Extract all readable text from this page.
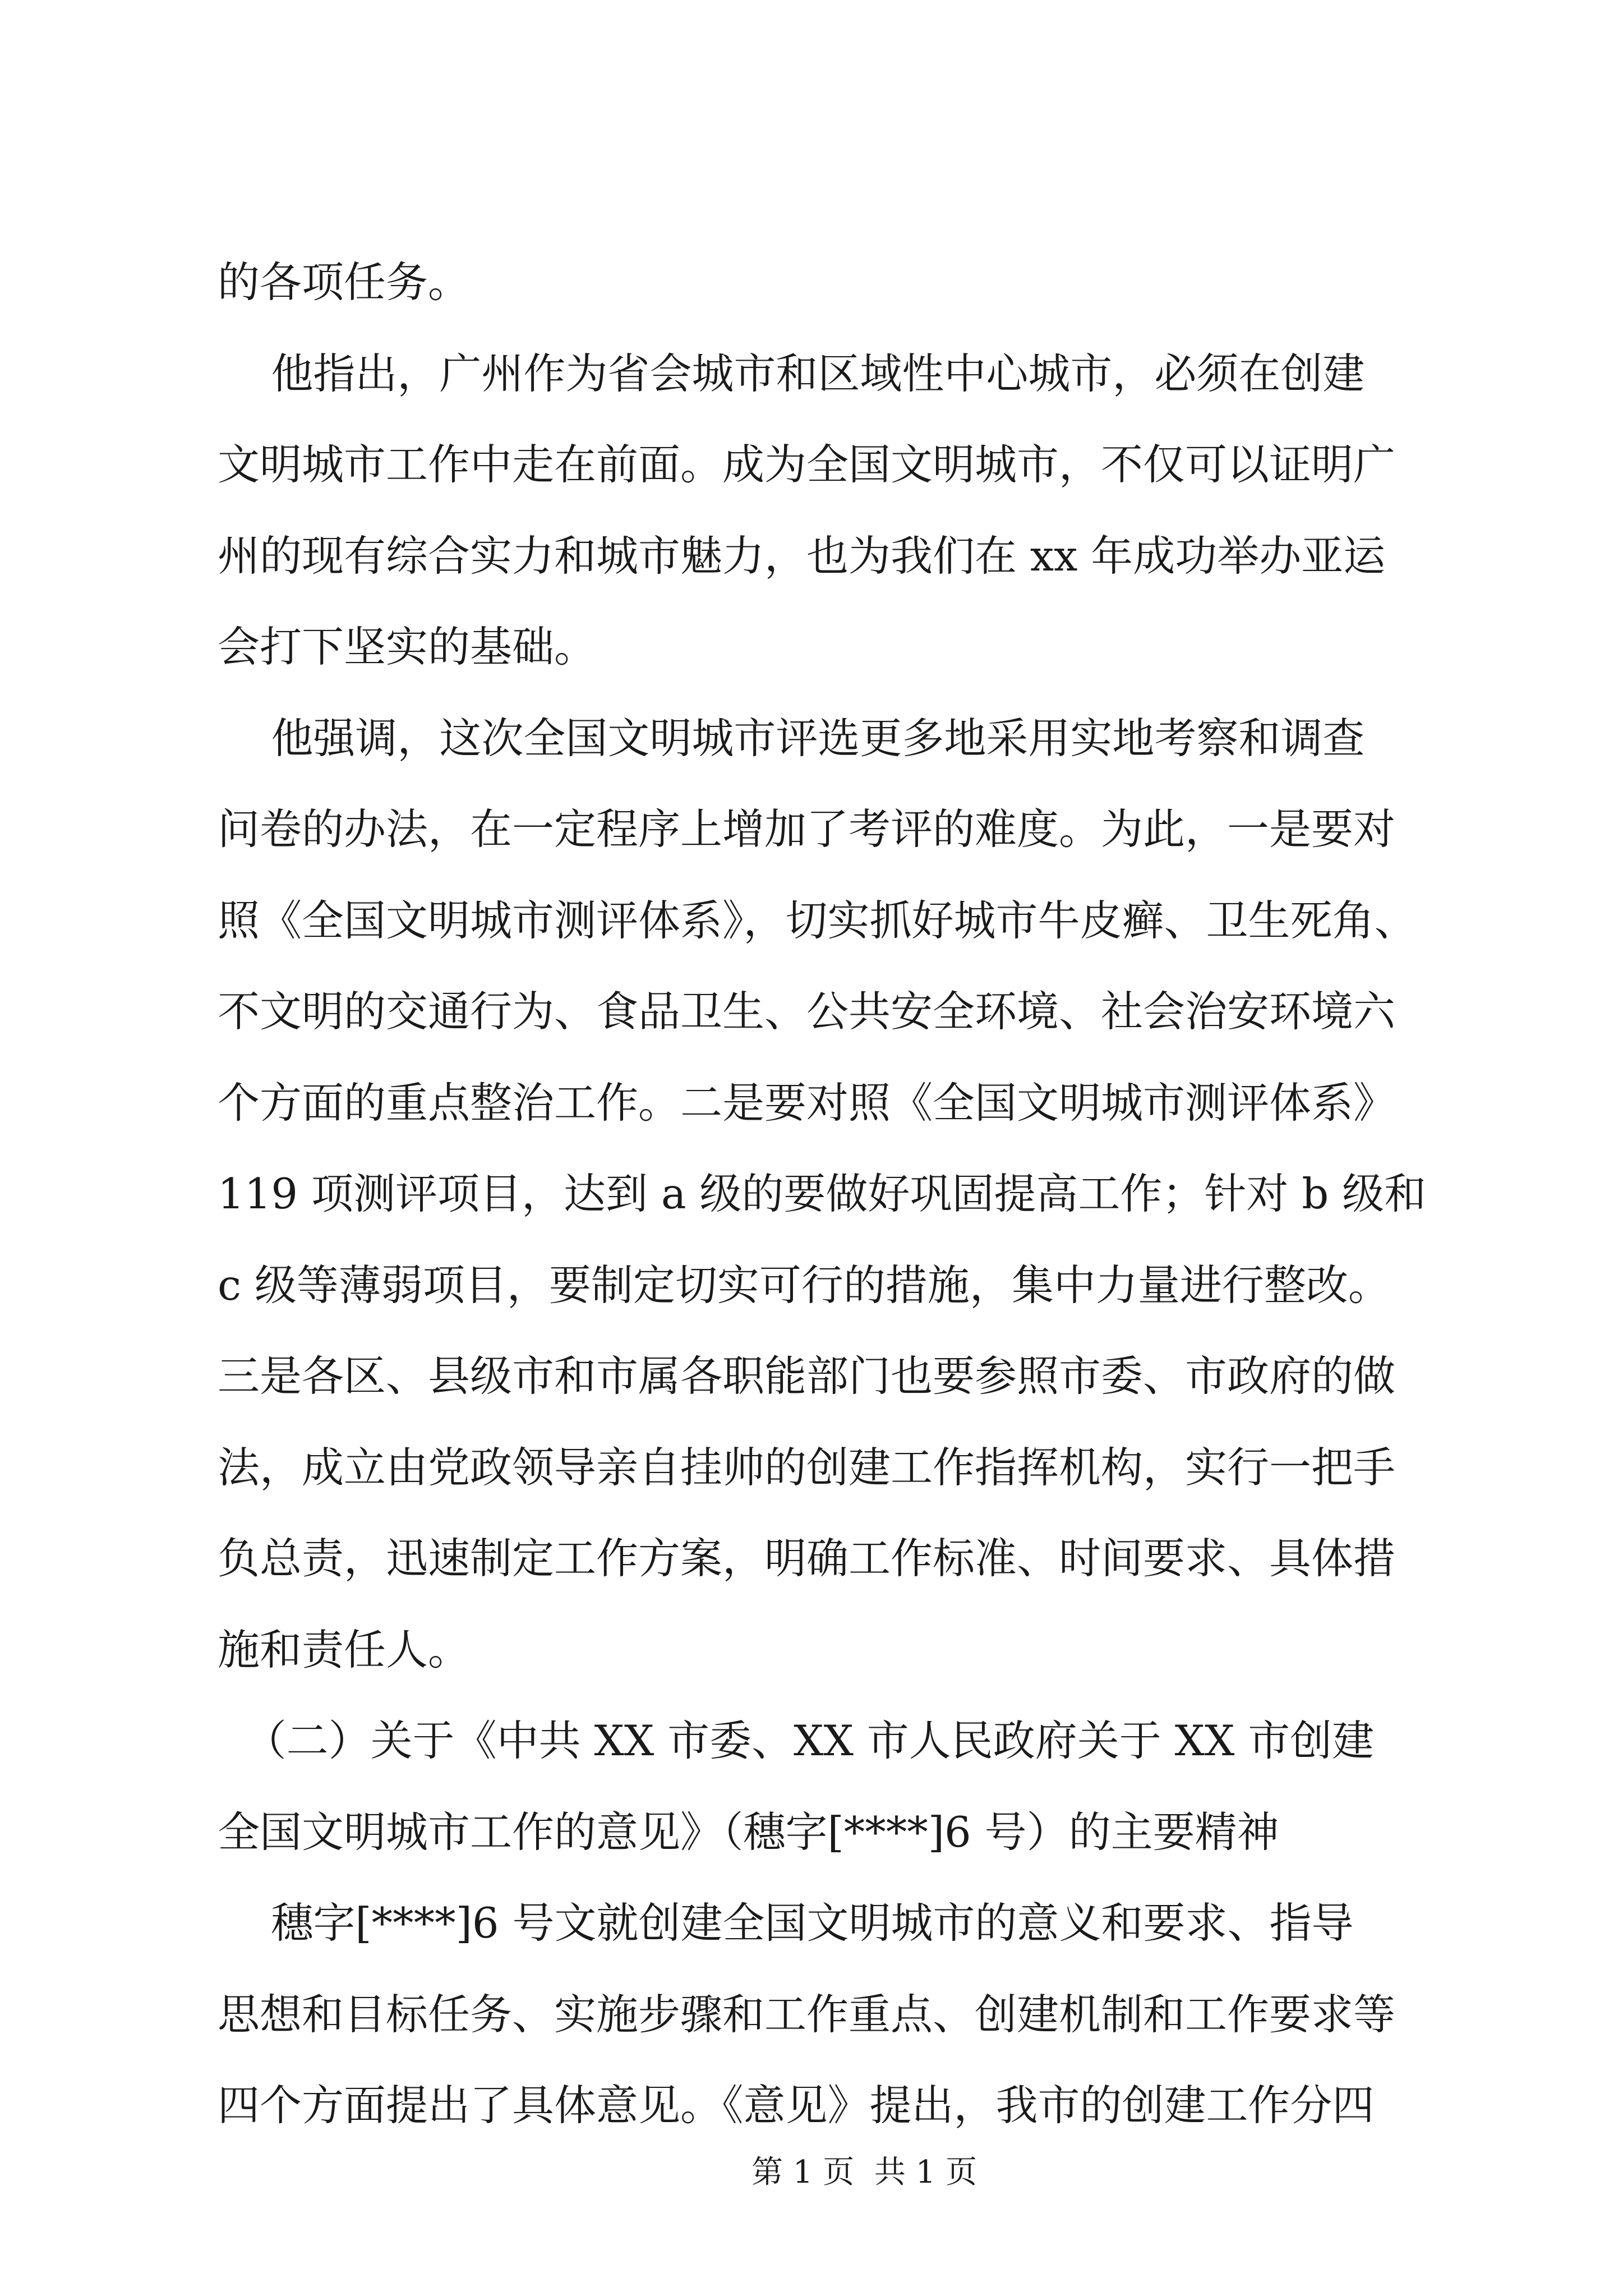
的各项任务。

他指出，广州作为省会城市和区域性中心城市，必须在创建

文明城市工作中走在前面。成为全国文明城市，不仅可以证明广

州的现有综合实力和城市魅力，也为我们在 xx 年成功举办亚运

会打下坚实的基础。

他强调，这次全国文明城市评选更多地采用实地考察和调查

问卷的办法，在一定程序上增加了考评的难度。为此，一是要对

照《全国文明城市测评体系》，切实抓好城市牛皮癣、卫生死角、

不文明的交通行为、食品卫生、公共安全环境、社会治安环境六

个方面的重点整治工作。二是要对照《全国文明城市测评体系》

119 项测评项目，达到 a 级的要做好巩固提高工作；针对 b 级和

c 级等薄弱项目，要制定切实可行的措施，集中力量进行整改。

三是各区、县级市和市属各职能部门也要参照市委、市政府的做

法，成立由党政领导亲自挂帅的创建工作指挥机构，实行一把手

负总责，迅速制定工作方案，明确工作标准、时间要求、具体措

施和责任人。

（二）关于《中共 XX 市委、XX 市人民政府关于 XX 市创建

全国文明城市工作的意见》（穗字[****]6 号）的主要精神

穗字[****]6 号文就创建全国文明城市的意义和要求、指导

思想和目标任务、实施步骤和工作重点、创建机制和工作要求等

四个方面提出了具体意见。《意见》提出，我市的创建工作分四

第 1 页  共 1 页
